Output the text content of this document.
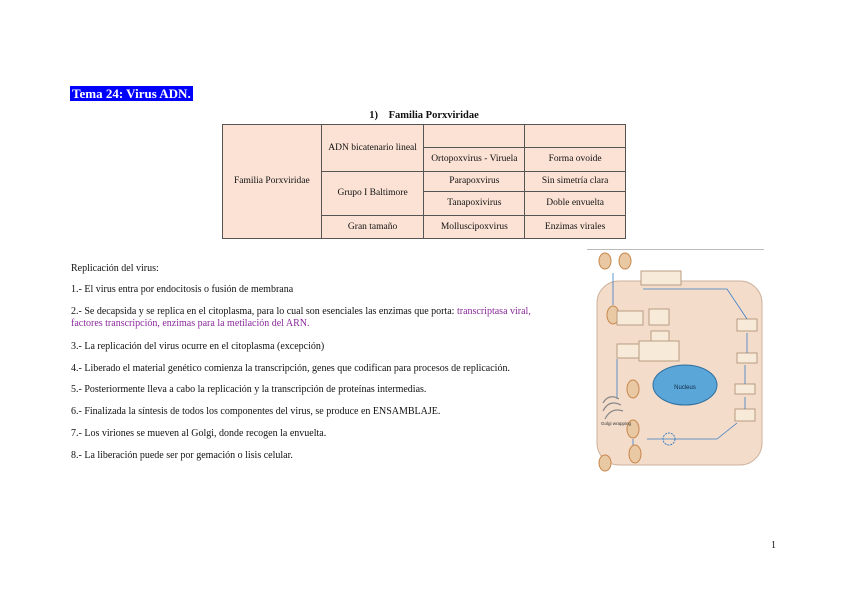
Tema 24: Virus ADN.
1) Familia Porxviridae
Familia Porxviridae	ADN bicatenario lineal		
		Ortopoxvirus - Viruela	Forma ovoide
	Grupo I Baltimore	Parapoxvirus	Sin simetría clara
		Tanapoxivirus	Doble envuelta
	Gran tamaño	Molluscipoxvirus	Enzimas virales
Replicación del virus:
1.- El virus entra por endocitosis o fusión de membrana
2.- Se decapsida y se replica en el citoplasma, para lo cual son esenciales las enzimas que porta: transcriptasa viral,
factores transcripción, enzimas para la metilación del ARN.
3.- La replicación del virus ocurre en el citoplasma (excepción)
4.- Liberado el material genético comienza la transcripción, genes que codifican para procesos de replicación.
5.- Posteriormente lleva a cabo la replicación y la transcripción de proteínas intermedias.
6.- Finalizada la síntesis de todos los componentes del virus, se produce en ENSAMBLAJE.
7.- Los viriones se mueven al Golgi, donde recogen la envuelta.
8.- La liberación puede ser por gemación o lisis celular.
Nucleus
Golgi wrapping
1
